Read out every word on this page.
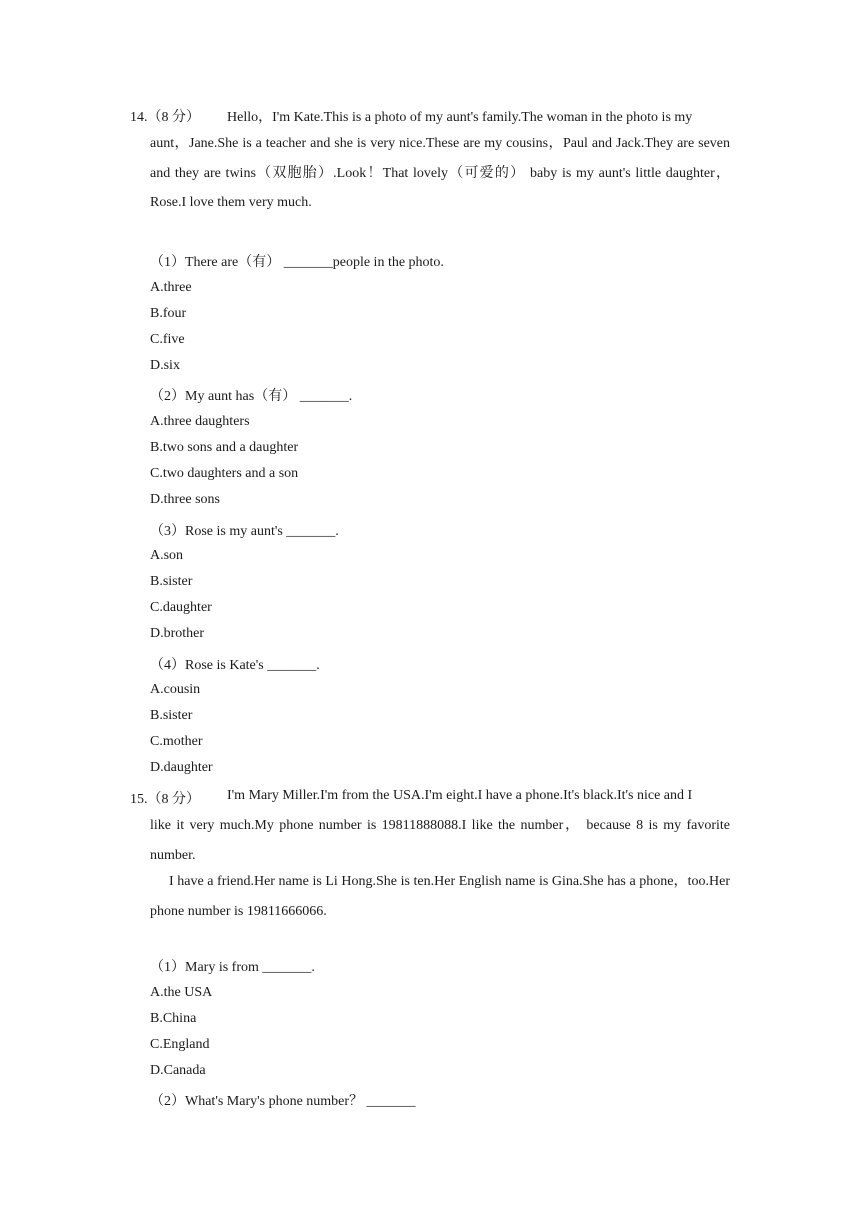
14.（8 分） Hello，I'm Kate.This is a photo of my aunt's family.The woman in the photo is my
aunt，Jane.She is a teacher and she is very nice.These are my cousins，Paul and Jack.They are seven and they are twins（双胞胎）.Look！That lovely（可爱的） baby is my aunt's little daughter，Rose.I love them very much.
（1）There are（有） _______people in the photo.
A.three
B.four
C.five
D.six
（2）My aunt has（有） _______.
A.three daughters
B.two sons and a daughter
C.two daughters and a son
D.three sons
（3）Rose is my aunt's _______.
A.son
B.sister
C.daughter
D.brother
（4）Rose is Kate's _______.
A.cousin
B.sister
C.mother
D.daughter
15.（8 分） I'm Mary Miller.I'm from the USA.I'm eight.I have a phone.It's black.It's nice and I
like it very much.My phone number is 19811888088.I like the number， because 8 is my favorite number.
I have a friend.Her name is Li Hong.She is ten.Her English name is Gina.She has a phone，too.Her phone number is 19811666066.
（1）Mary is from _______.
A.the USA
B.China
C.England
D.Canada
（2）What's Mary's phone number？ _______
